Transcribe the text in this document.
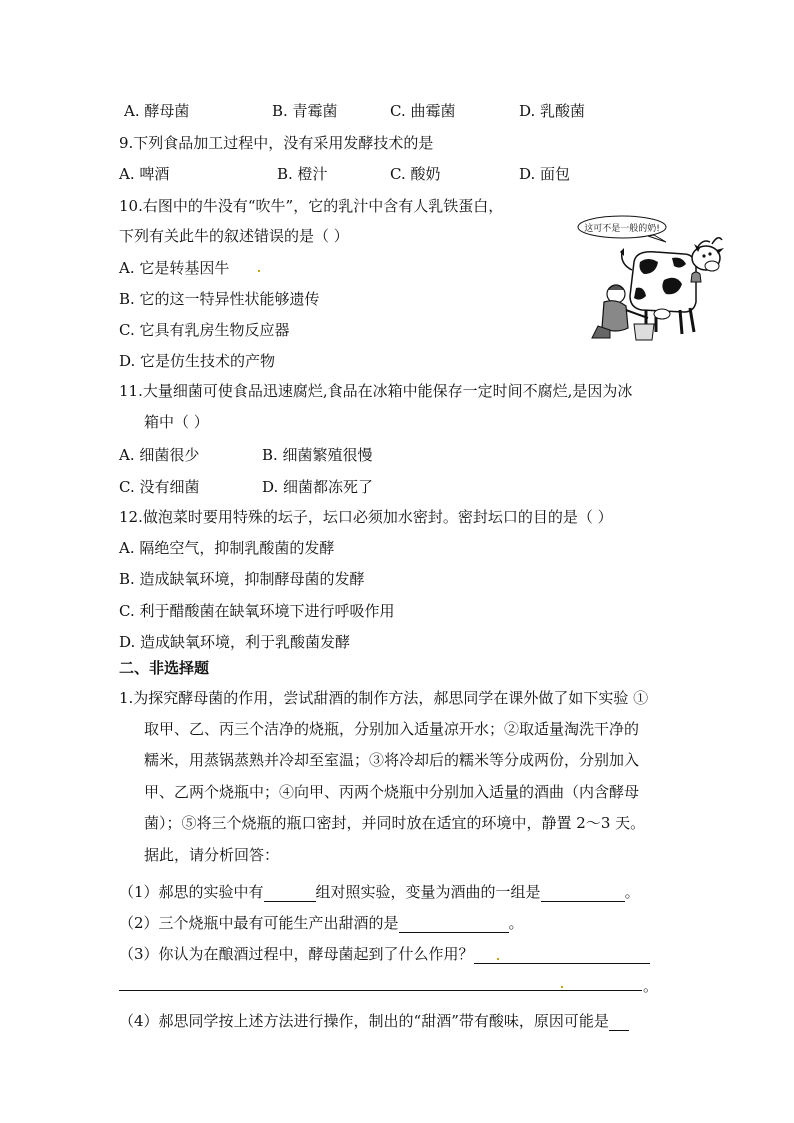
A. 酵母菌	B. 青霉菌	C. 曲霉菌	D. 乳酸菌
9.下列食品加工过程中，没有采用发酵技术的是
A. 啤酒	B. 橙汁	C. 酸奶	D. 面包
10.右图中的牛没有“吹牛”，它的乳汁中含有人乳铁蛋白，
下列有关此牛的叙述错误的是（ ）
A. 它是转基因牛
B. 它的这一特异性状能够遗传
C. 它具有乳房生物反应器
D. 它是仿生技术的产物
这可不是一般的奶!
11.大量细菌可使食品迅速腐烂,食品在冰箱中能保存一定时间不腐烂,是因为冰
箱中（ ）
A. 细菌很少	B. 细菌繁殖很慢
C. 没有细菌	D. 细菌都冻死了
12.做泡菜时要用特殊的坛子，坛口必须加水密封。密封坛口的目的是（ ）
A. 隔绝空气，抑制乳酸菌的发酵
B. 造成缺氧环境，抑制酵母菌的发酵
C. 利于醋酸菌在缺氧环境下进行呼吸作用
D. 造成缺氧环境，利于乳酸菌发酵
二、非选择题
1.为探究酵母菌的作用，尝试甜酒的制作方法，郝思同学在课外做了如下实验 ①
取甲、乙、丙三个洁净的烧瓶，分别加入适量凉开水；②取适量淘洗干净的
糯米，用蒸锅蒸熟并冷却至室温；③将冷却后的糯米等分成两份，分别加入
甲、乙两个烧瓶中；④向甲、丙两个烧瓶中分别加入适量的酒曲（内含酵母
菌）；⑤将三个烧瓶的瓶口密封，并同时放在适宜的环境中，静置 2～3 天。
据此，请分析回答：
（1）郝思的实验中有	组对照实验，变量为酒曲的一组是	。
（2）三个烧瓶中最有可能生产出甜酒的是	。
（3）你认为在酿酒过程中，酵母菌起到了什么作用？
。
（4）郝思同学按上述方法进行操作，制出的“甜酒”带有酸味，原因可能是
